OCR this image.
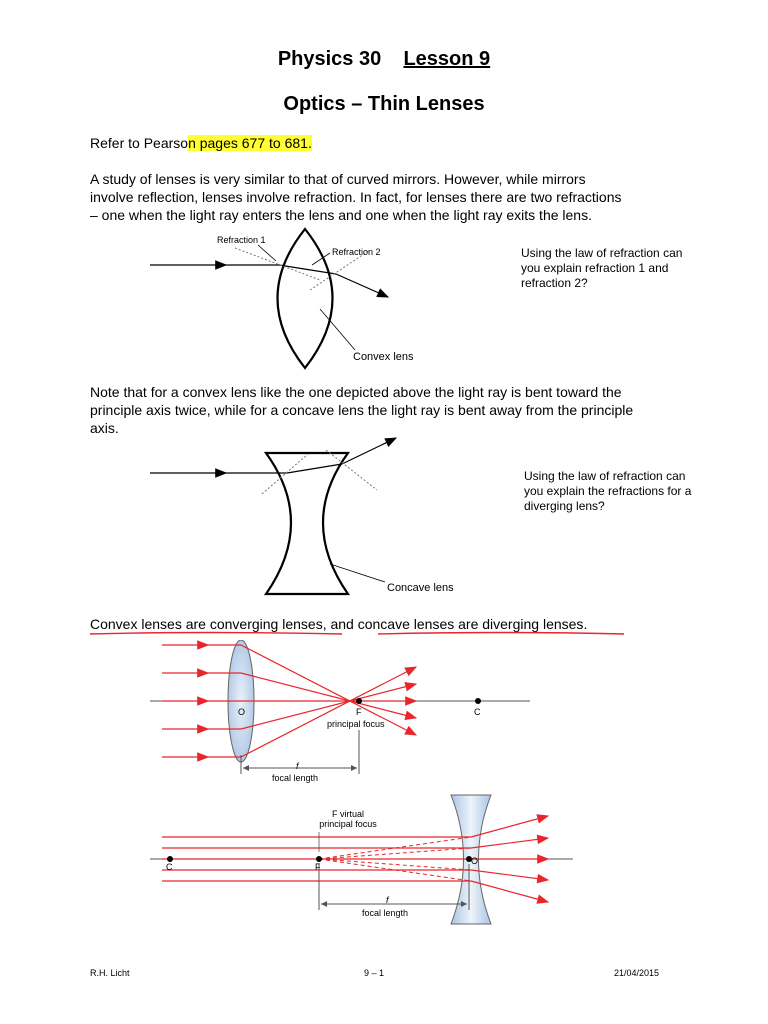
Physics 30 Lesson 9
Optics – Thin Lenses
Refer to Pearson pages 677 to 681.
A study of lenses is very similar to that of curved mirrors. However, while mirrors
involve reflection, lenses involve refraction. In fact, for lenses there are two refractions
– one when the light ray enters the lens and one when the light ray exits the lens.
Refraction 1
Refraction 2
Convex lens
Using the law of refraction can
you explain refraction 1 and
refraction 2?
Note that for a convex lens like the one depicted above the light ray is bent toward the
principle axis twice, while for a concave lens the light ray is bent away from the principle
axis.
Concave lens
Using the law of refraction can
you explain the refractions for a
diverging lens?
Convex lenses are converging lenses, and concave lenses are diverging lenses.
O	F	C
principal focus
f
focal length
F virtual
principal focus
C	F
O
f
focal length
R.H. Licht	9 – 1	21/04/2015
